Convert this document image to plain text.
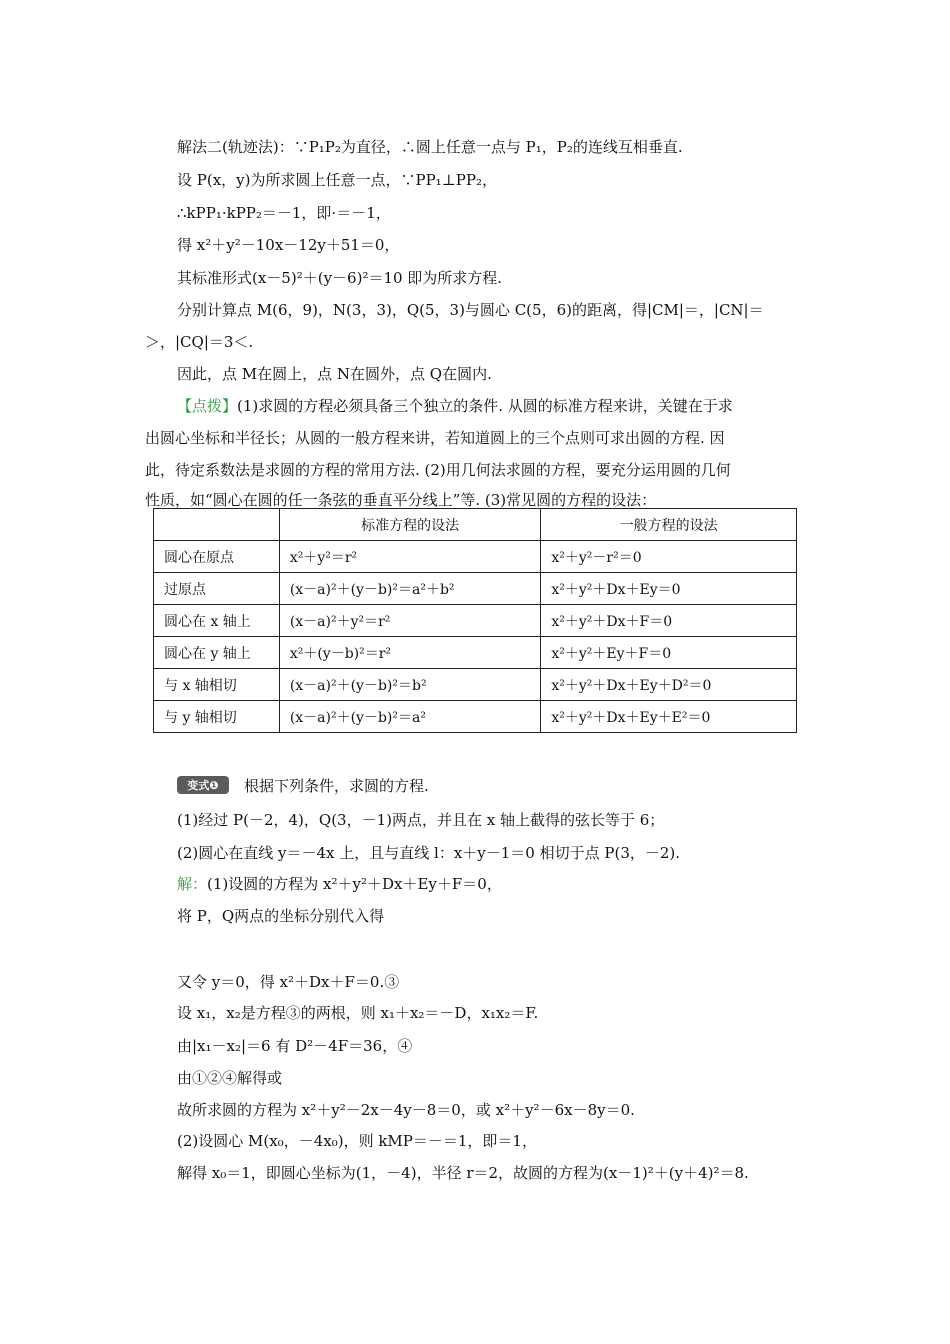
解法二(轨迹法)：∵P₁P₂为直径，∴圆上任意一点与 P₁，P₂的连线互相垂直.
设 P(x，y)为所求圆上任意一点，∵PP₁⊥PP₂，
∴kPP₁·kPP₂＝－1，即·＝－1，
得 x²＋y²－10x－12y＋51＝0，
其标准形式(x－5)²＋(y－6)²＝10 即为所求方程.
分别计算点 M(6，9)，N(3，3)，Q(5，3)与圆心 C(5，6)的距离，得|CM|＝，|CN|＝
＞，|CQ|＝3＜.
因此，点 M在圆上，点 N在圆外，点 Q在圆内.
【点拨】(1)求圆的方程必须具备三个独立的条件. 从圆的标准方程来讲，关键在于求
出圆心坐标和半径长；从圆的一般方程来讲，若知道圆上的三个点则可求出圆的方程. 因
此，待定系数法是求圆的方程的常用方法. (2)用几何法求圆的方程，要充分运用圆的几何
性质，如“圆心在圆的任一条弦的垂直平分线上”等. (3)常见圆的方程的设法：
	标准方程的设法	一般方程的设法
圆心在原点	x²＋y²＝r²	x²＋y²－r²＝0
过原点	(x－a)²＋(y－b)²＝a²＋b²	x²＋y²＋Dx＋Ey＝0
圆心在 x 轴上	(x－a)²＋y²＝r²	x²＋y²＋Dx＋F＝0
圆心在 y 轴上	x²＋(y－b)²＝r²	x²＋y²＋Ey＋F＝0
与 x 轴相切	(x－a)²＋(y－b)²＝b²	x²＋y²＋Dx＋Ey＋D²＝0
与 y 轴相切	(x－a)²＋(y－b)²＝a²	x²＋y²＋Dx＋Ey＋E²＝0
变式❶	根据下列条件，求圆的方程.
(1)经过 P(－2，4)，Q(3，－1)两点，并且在 x 轴上截得的弦长等于 6；
(2)圆心在直线 y＝－4x 上，且与直线 l：x＋y－1＝0 相切于点 P(3，－2).
解：(1)设圆的方程为 x²＋y²＋Dx＋Ey＋F＝0，
将 P，Q两点的坐标分别代入得
又令 y＝0，得 x²＋Dx＋F＝0.③
设 x₁，x₂是方程③的两根，则 x₁＋x₂＝－D，x₁x₂＝F.
由|x₁－x₂|＝6 有 D²－4F＝36，④
由①②④解得或
故所求圆的方程为 x²＋y²－2x－4y－8＝0，或 x²＋y²－6x－8y＝0.
(2)设圆心 M(x₀，－4x₀)，则 kMP＝－＝1，即＝1，
解得 x₀＝1，即圆心坐标为(1，－4)，半径 r＝2，故圆的方程为(x－1)²＋(y＋4)²＝8.
